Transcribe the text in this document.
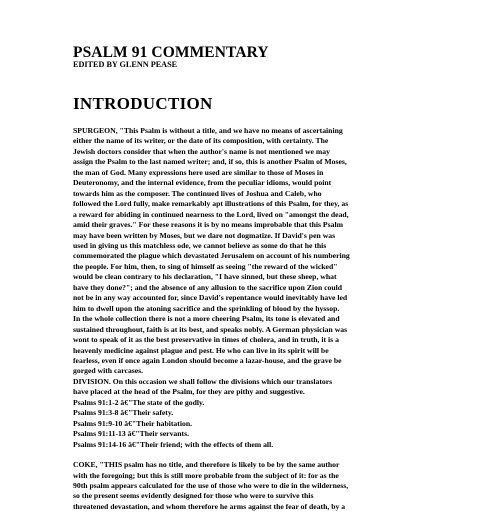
PSALM 91 COMMENTARY
EDITED BY GLENN PEASE
INTRODUCTION
SPURGEON, "This Psalm is without a title, and we have no means of ascertaining
either the name of its writer, or the date of its composition, with certainty. The
Jewish doctors consider that when the author's name is not mentioned we may
assign the Psalm to the last named writer; and, if so, this is another Psalm of Moses,
the man of God. Many expressions here used are similar to those of Moses in
Deuteronomy, and the internal evidence, from the peculiar idioms, would point
towards him as the composer. The continued lives of Joshua and Caleb, who
followed the Lord fully, make remarkably apt illustrations of this Psalm, for they, as
a reward for abiding in continued nearness to the Lord, lived on "amongst the dead,
amid their graves." For these reasons it is by no means improbable that this Psalm
may have been written by Moses, but we dare not dogmatize. If David's pen was
used in giving us this matchless ode, we cannot believe as some do that he this
commemorated the plague which devastated Jerusalem on account of his numbering
the people. For him, then, to sing of himself as seeing "the reward of the wicked"
would be clean contrary to his declaration, "I have sinned, but these sheep, what
have they done?"; and the absence of any allusion to the sacrifice upon Zion could
not be in any way accounted for, since David's repentance would inevitably have led
him to dwell upon the atoning sacrifice and the sprinkling of blood by the hyssop.
In the whole collection there is not a more cheering Psalm, its tone is elevated and
sustained throughout, faith is at its best, and speaks nobly. A German physician was
wont to speak of it as the best preservative in times of cholera, and in truth, it is a
heavenly medicine against plague and pest. He who can live in its spirit will be
fearless, even if once again London should become a lazar-house, and the grave be
gorged with carcases.
DIVISION. On this occasion we shall follow the divisions which our translators
have placed at the head of the Psalm, for they are pithy and suggestive.
Psalms 91:1-2 â€"The state of the godly.
Psalms 91:3-8 â€"Their safety.
Psalms 91:9-10 â€"Their habitation.
Psalms 91:11-13 â€"Their servants.
Psalms 91:14-16 â€"Their friend; with the effects of them all.
COKE, "THIS psalm has no title, and therefore is likely to be by the same author
with the foregoing; but this is still more probable from the subject of it: for as the
90th psalm appears calculated for the use of those who were to die in the wilderness,
so the present seems evidently designed for those who were to survive this
threatened devastation, and whom therefore he arms against the fear of death, by a
